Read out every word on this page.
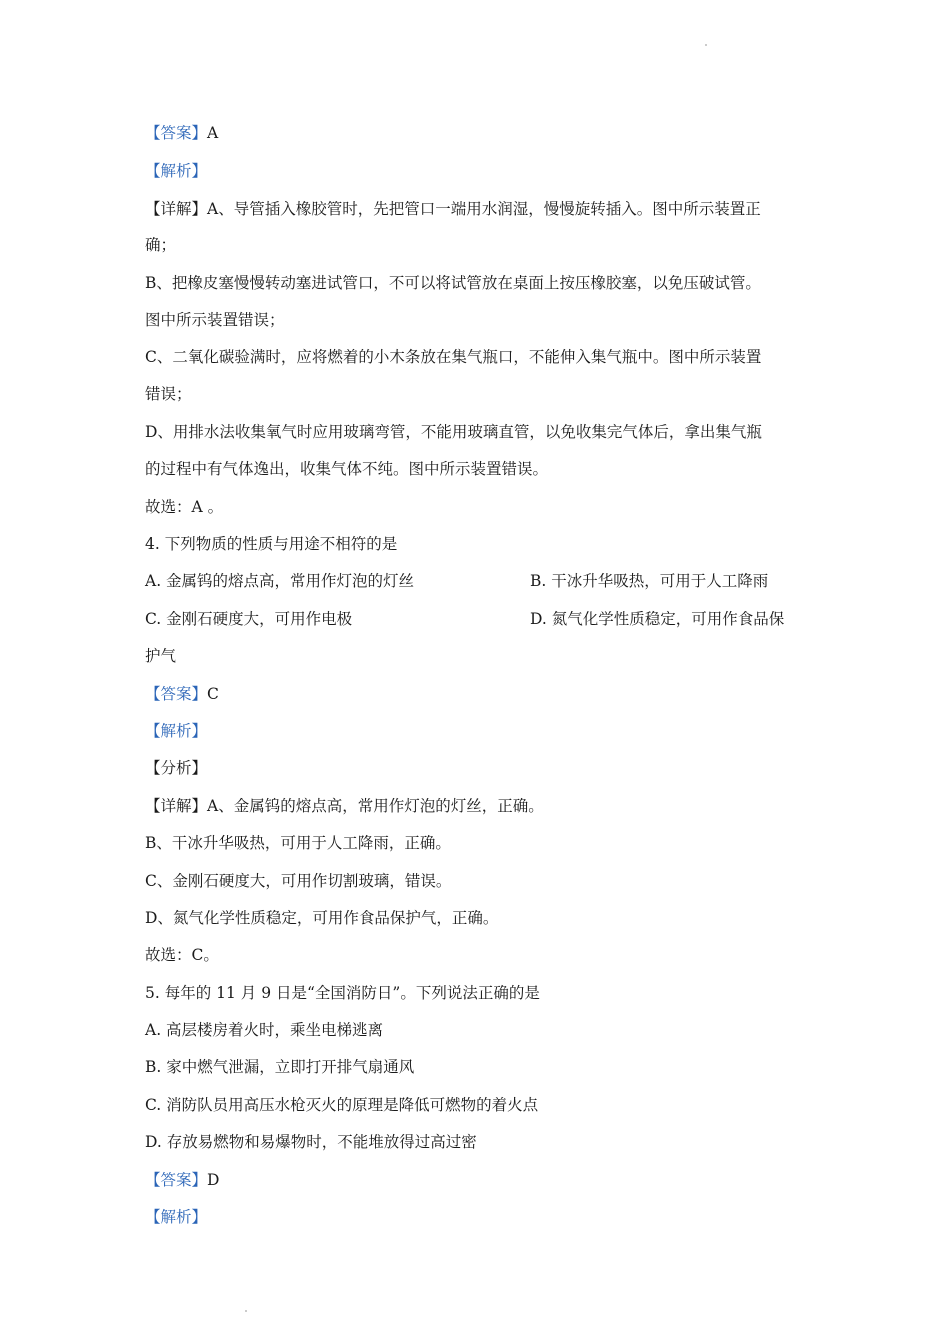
【答案】A
【解析】
【详解】A、导管插入橡胶管时，先把管口一端用水润湿，慢慢旋转插入。图中所示装置正
确；
B、把橡皮塞慢慢转动塞进试管口，不可以将试管放在桌面上按压橡胶塞，以免压破试管。
图中所示装置错误；
C、二氧化碳验满时，应将燃着的小木条放在集气瓶口，不能伸入集气瓶中。图中所示装置
错误；
D、用排水法收集氧气时应用玻璃弯管，不能用玻璃直管，以免收集完气体后，拿出集气瓶
的过程中有气体逸出，收集气体不纯。图中所示装置错误。
故选：A 。
4. 下列物质的性质与用途不相符的是
A. 金属钨的熔点高，常用作灯泡的灯丝	B. 干冰升华吸热，可用于人工降雨
C. 金刚石硬度大，可用作电极	D. 氮气化学性质稳定，可用作食品保
护气
【答案】C
【解析】
【分析】
【详解】A、金属钨的熔点高，常用作灯泡的灯丝，正确。
B、干冰升华吸热，可用于人工降雨，正确。
C、金刚石硬度大，可用作切割玻璃，错误。
D、氮气化学性质稳定，可用作食品保护气，正确。
故选：C。
5. 每年的 11 月 9 日是“全国消防日”。下列说法正确的是
A. 高层楼房着火时，乘坐电梯逃离
B. 家中燃气泄漏，立即打开排气扇通风
C. 消防队员用高压水枪灭火的原理是降低可燃物的着火点
D. 存放易燃物和易爆物时，不能堆放得过高过密
【答案】D
【解析】
